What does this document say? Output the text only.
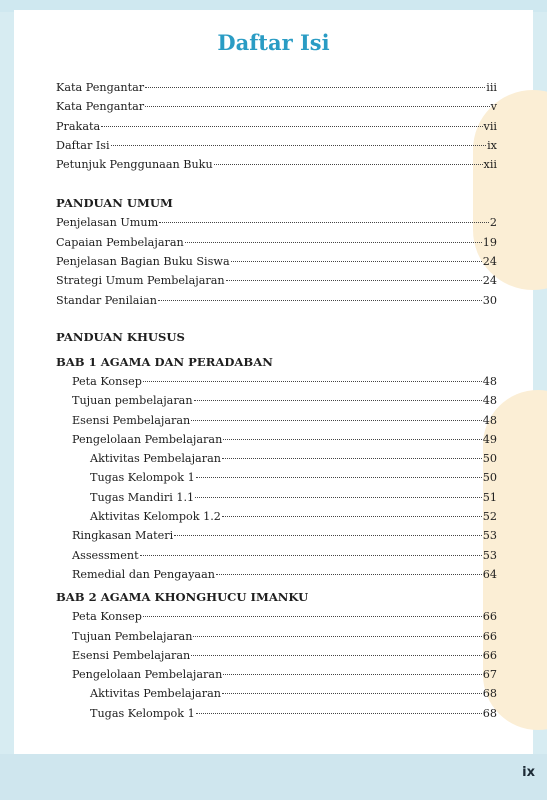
Daftar Isi
Kata Pengantar	iii
Kata Pengantar	v
Prakata	vii
Daftar Isi	ix
Petunjuk Penggunaan Buku	xii
PANDUAN UMUM
Penjelasan Umum	2
Capaian Pembelajaran	19
Penjelasan Bagian Buku Siswa	24
Strategi Umum Pembelajaran	24
Standar Penilaian	30
PANDUAN KHUSUS
BAB 1 AGAMA DAN PERADABAN
Peta Konsep	48
Tujuan pembelajaran	48
Esensi Pembelajaran	48
Pengelolaan Pembelajaran	49
Aktivitas Pembelajaran	50
Tugas Kelompok 1	50
Tugas Mandiri 1.1	51
Aktivitas Kelompok 1.2	52
Ringkasan Materi	53
Assessment	53
Remedial dan Pengayaan	64
BAB 2 AGAMA KHONGHUCU IMANKU
Peta Konsep	66
Tujuan Pembelajaran	66
Esensi Pembelajaran	66
Pengelolaan Pembelajaran	67
Aktivitas Pembelajaran	68
Tugas Kelompok 1	68
ix
